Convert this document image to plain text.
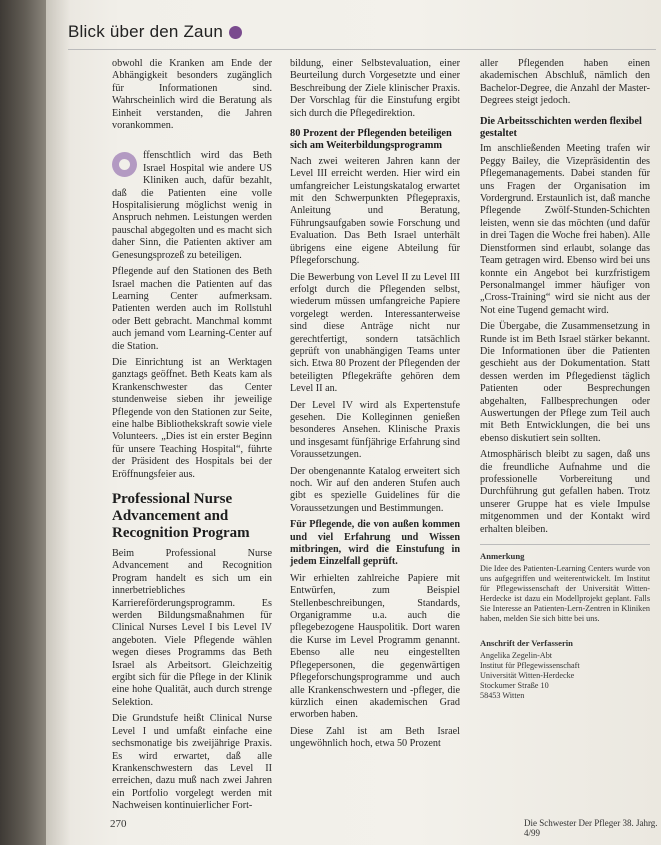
Blick über den Zaun

obwohl die Kranken am Ende der Abhängigkeit besonders zugänglich für Informationen sind. Wahrscheinlich wird die Beratung als Einheit verstanden, die Jahren vorankommen.

ffenschtlich wird das Beth Israel Hospital wie andere US Kliniken auch, dafür bezahlt, daß die Patienten eine volle Hospitalisierung möglichst wenig in Anspruch nehmen. Leistungen werden pauschal abgegolten und es macht sich daher Sinn, die Patienten aktiver am Genesungsprozeß zu beteiligen.

Pflegende auf den Stationen des Beth Israel machen die Patienten auf das Learning Center aufmerksam. Patienten werden auch im Rollstuhl oder Bett gebracht. Manchmal kommt auch jemand vom Learning-Center auf die Station.

Die Einrichtung ist an Werktagen ganztags geöffnet. Beth Keats kam als Krankenschwester das Center stundenweise sieben ihr jeweilige Pflegende von den Stationen zur Seite, eine halbe Bibliothekskraft sowie viele Volunteers. „Dies ist ein erster Beginn für unsere Teaching Hospital“, führte der Präsident des Hospitals bei der Eröffnungsfeier aus.

Professional Nurse Advancement and Recognition Program

Beim Professional Nurse Advancement and Recognition Program handelt es sich um ein innerbetriebliches Karriereförderungsprogramm. Es werden Bildungsmaßnahmen für Clinical Nurses Level I bis Level IV angeboten. Viele Pflegende wählen wegen dieses Programms das Beth Israel als Arbeitsort. Gleichzeitig ergibt sich für die Pflege in der Klinik eine hohe Qualität, auch durch strenge Selektion.

Die Grundstufe heißt Clinical Nurse Level I und umfaßt einfache eine sechsmonatige bis zweijährige Praxis. Es wird erwartet, daß alle Krankenschwestern das Level II erreichen, dazu muß nach zwei Jahren ein Portfolio vorgelegt werden mit Nachweisen kontinuierlicher Fort-

bildung, einer Selbstevaluation, einer Beurteilung durch Vorgesetzte und einer Beschreibung der Ziele klinischer Praxis. Der Vorschlag für die Einstufung ergibt sich durch die Pflegedirektion.

80 Prozent der Pflegenden beteiligen sich am Weiterbildungsprogramm

Nach zwei weiteren Jahren kann der Level III erreicht werden. Hier wird ein umfangreicher Leistungskatalog erwartet mit den Schwerpunkten Pflegepraxis, Anleitung und Beratung, Führungsaufgaben sowie Forschung und Evaluation. Das Beth Israel unterhält übrigens eine eigene Abteilung für Pflegeforschung.

Die Bewerbung von Level II zu Level III erfolgt durch die Pflegenden selbst, wiederum müssen umfangreiche Papiere vorgelegt werden. Interessanterweise sind diese Anträge nicht nur gerechtfertigt, sondern tatsächlich geprüft von unabhängigen Teams unter sich. Etwa 80 Prozent der Pflegenden der beteiligten Pflegekräfte gehören dem Level II an.

Der Level IV wird als Expertenstufe gesehen. Die Kolleginnen genießen besonderes Ansehen. Klinische Praxis und insgesamt fünfjährige Erfahrung sind Voraussetzungen.

Der obengenannte Katalog erweitert sich noch. Wir auf den anderen Stufen auch gibt es spezielle Guidelines für die Voraussetzungen und Bestimmungen.

Für Pflegende, die von außen kommen und viel Erfahrung und Wissen mitbringen, wird die Einstufung in jedem Einzelfall geprüft.

Wir erhielten zahlreiche Papiere mit Entwürfen, zum Beispiel Stellenbeschreibungen, Standards, Organigramme u.a. auch die pflegebezogene Hauspolitik. Dort waren die Kurse im Level Programm genannt. Ebenso alle neu eingestellten Pflegepersonen, die gegenwärtigen Pflegeforschungsprogramme und auch alle Krankenschwestern und -pfleger, die kürzlich einen akademischen Grad erworben haben.

Diese Zahl ist am Beth Israel ungewöhnlich hoch, etwa 50 Prozent

aller Pflegenden haben einen akademischen Abschluß, nämlich den Bachelor-Degree, die Anzahl der Master-Degrees steigt jedoch.

Die Arbeitsschichten werden flexibel gestaltet

Im anschließenden Meeting trafen wir Peggy Bailey, die Vizepräsidentin des Pflegemanagements. Dabei standen für uns Fragen der Organisation im Vordergrund. Erstaunlich ist, daß manche Pflegende Zwölf-Stunden-Schichten leisten, wenn sie das möchten (und dafür in drei Tagen die Woche frei haben). Alle Dienstformen sind erlaubt, solange das Team getragen wird. Ebenso wird bei uns konnte ein Angebot bei kurzfristigem Personalmangel immer häufiger von „Cross-Training“ wird sie nicht aus der Not eine Tugend gemacht wird.

Die Übergabe, die Zusammensetzung in Runde ist im Beth Israel stärker bekannt. Die Informationen über die Patienten geschieht aus der Dokumentation. Statt dessen werden im Pflegedienst täglich Patienten oder Besprechungen abgehalten, Fallbesprechungen oder Auswertungen der Pflege zum Teil auch mit Beth Entwicklungen, die bei uns ebenso diskutiert sein sollten.

Atmosphärisch bleibt zu sagen, daß uns die freundliche Aufnahme und die professionelle Vorbereitung und Durchführung gut gefallen haben. Trotz unserer Gruppe hat es viele Impulse mitgenommen und der Kontakt wird erhalten bleiben.

Anmerkung
Die Idee des Patienten-Learning Centers wurde von uns aufgegriffen und weiterentwickelt. Im Institut für Pflegewissenschaft der Universität Witten-Herdecke ist dazu ein Modellprojekt geplant. Falls Sie Interesse an Patienten-Lern-Zentren in Kliniken haben, melden Sie sich bitte bei uns.
Anschrift der Verfasserin
Angelika Zegelin-Abt
Institut für Pflegewissenschaft
Universität Witten-Herdecke
Stockumer Straße 10
58453 Witten
270	Die Schwester Der Pfleger 38. Jahrg. 4/99
